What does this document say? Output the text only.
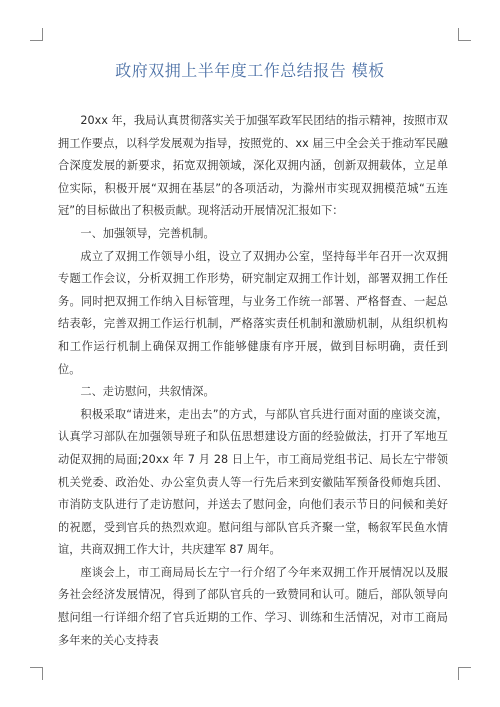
政府双拥上半年度工作总结报告 模板

20xx 年，我局认真贯彻落实关于加强军政军民团结的指示精神，按照市双拥工作要点，以科学发展观为指导，按照党的、xx 届三中全会关于推动军民融合深度发展的新要求，拓宽双拥领域，深化双拥内涵，创新双拥载体，立足单位实际，积极开展“双拥在基层”的各项活动，为滁州市实现双拥模范城“五连冠”的目标做出了积极贡献。现将活动开展情况汇报如下：

一、加强领导，完善机制。

成立了双拥工作领导小组，设立了双拥办公室，坚持每半年召开一次双拥专题工作会议，分析双拥工作形势，研究制定双拥工作计划，部署双拥工作任务。同时把双拥工作纳入目标管理，与业务工作统一部署、严格督查、一起总结表彰，完善双拥工作运行机制，严格落实责任机制和激励机制，从组织机构和工作运行机制上确保双拥工作能够健康有序开展，做到目标明确，责任到位。

二、走访慰问，共叙情深。

积极采取“请进来，走出去”的方式，与部队官兵进行面对面的座谈交流，认真学习部队在加强领导班子和队伍思想建设方面的经验做法，打开了军地互动促双拥的局面;20xx 年 7 月 28 日上午，市工商局党组书记、局长左宁带领机关党委、政治处、办公室负责人等一行先后来到安徽陆军预备役师炮兵团、市消防支队进行了走访慰问，并送去了慰问金，向他们表示节日的问候和美好的祝愿，受到官兵的热烈欢迎。慰问组与部队官兵齐聚一堂，畅叙军民鱼水情谊，共商双拥工作大计，共庆建军 87 周年。

座谈会上，市工商局局长左宁一行介绍了今年来双拥工作开展情况以及服务社会经济发展情况，得到了部队官兵的一致赞同和认可。随后，部队领导向慰问组一行详细介绍了官兵近期的工作、学习、训练和生活情况，对市工商局多年来的关心支持表
